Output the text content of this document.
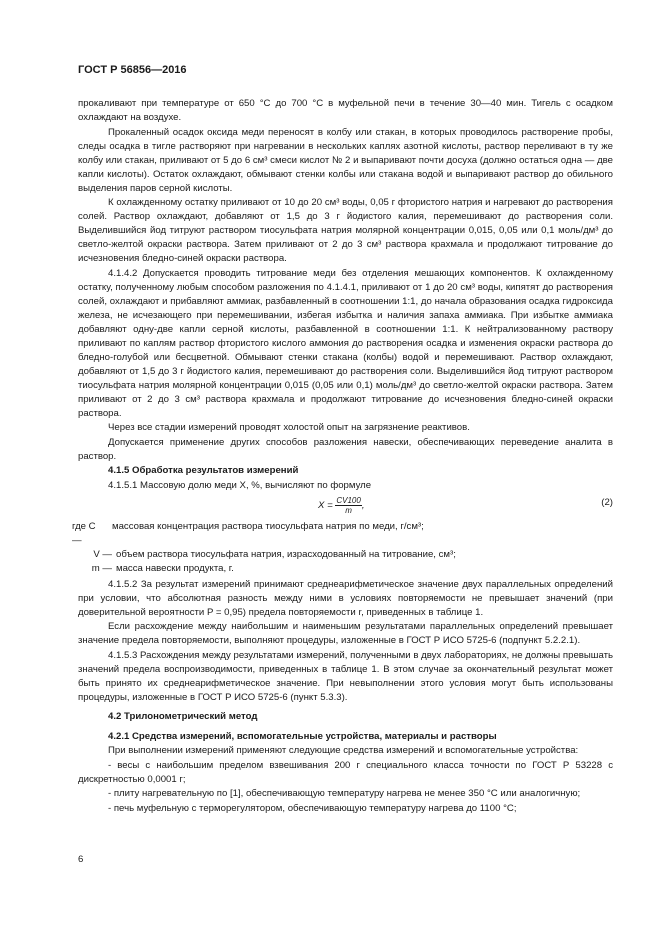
ГОСТ Р 56856—2016

прокаливают при температуре от 650 °С до 700 °С в муфельной печи в течение 30—40 мин. Тигель с осадком охлаждают на воздухе.

Прокаленный осадок оксида меди переносят в колбу или стакан, в которых проводилось растворение пробы, следы осадка в тигле растворяют при нагревании в нескольких каплях азотной кислоты, раствор переливают в ту же колбу или стакан, приливают от 5 до 6 см³ смеси кислот № 2 и выпаривают почти досуха (должно остаться одна — две капли кислоты). Остаток охлаждают, обмывают стенки колбы или стакана водой и выпаривают раствор до обильного выделения паров серной кислоты.

К охлажденному остатку приливают от 10 до 20 см³ воды, 0,05 г фтористого натрия и нагревают до растворения солей. Раствор охлаждают, добавляют от 1,5 до 3 г йодистого калия, перемешивают до растворения соли. Выделившийся йод титруют раствором тиосульфата натрия молярной концентрации 0,015, 0,05 или 0,1 моль/дм³ до светло-желтой окраски раствора. Затем приливают от 2 до 3 см³ раствора крахмала и продолжают титрование до исчезновения бледно-синей окраски раствора.

4.1.4.2 Допускается проводить титрование меди без отделения мешающих компонентов. К охлажденному остатку, полученному любым способом разложения по 4.1.4.1, приливают от 1 до 20 см³ воды, кипятят до растворения солей, охлаждают и прибавляют аммиак, разбавленный в соотношении 1:1, до начала образования осадка гидроксида железа, не исчезающего при перемешивании, избегая избытка и наличия запаха аммиака. При избытке аммиака добавляют одну-две капли серной кислоты, разбавленной в соотношении 1:1. К нейтрализованному раствору приливают по каплям раствор фтористого кислого аммония до растворения осадка и изменения окраски раствора до бледно-голубой или бесцветной. Обмывают стенки стакана (колбы) водой и перемешивают. Раствор охлаждают, добавляют от 1,5 до 3 г йодистого калия, перемешивают до растворения соли. Выделившийся йод титруют раствором тиосульфата натрия молярной концентрации 0,015 (0,05 или 0,1) моль/дм³ до светло-желтой окраски раствора. Затем приливают от 2 до 3 см³ раствора крахмала и продолжают титрование до исчезновения бледно-синей окраски раствора.

Через все стадии измерений проводят холостой опыт на загрязнение реактивов.

Допускается применение других способов разложения навески, обеспечивающих переведение аналита в раствор.

4.1.5 Обработка результатов измерений

4.1.5.1 Массовую долю меди X, %, вычисляют по формуле

$X = \frac{CV100}{m}$ ,	(2)
где C —
массовая концентрация раствора тиосульфата натрия по меди, г/см³;
V — объем раствора тиосульфата натрия, израсходованный на титрование, см³;
m — масса навески продукта, г.

4.1.5.2 За результат измерений принимают среднеарифметическое значение двух параллельных определений при условии, что абсолютная разность между ними в условиях повторяемости не превышает значений (при доверительной вероятности P = 0,95) предела повторяемости r, приведенных в таблице 1.

Если расхождение между наибольшим и наименьшим результатами параллельных определений превышает значение предела повторяемости, выполняют процедуры, изложенные в ГОСТ Р ИСО 5725-6 (подпункт 5.2.2.1).

4.1.5.3 Расхождения между результатами измерений, полученными в двух лабораториях, не должны превышать значений предела воспроизводимости, приведенных в таблице 1. В этом случае за окончательный результат может быть принято их среднеарифметическое значение. При невыполнении этого условия могут быть использованы процедуры, изложенные в ГОСТ Р ИСО 5725-6 (пункт 5.3.3).

4.2 Трилонометрический метод

4.2.1 Средства измерений, вспомогательные устройства, материалы и растворы

При выполнении измерений применяют следующие средства измерений и вспомогательные устройства:

- весы с наибольшим пределом взвешивания 200 г специального класса точности по ГОСТ Р 53228 с дискретностью 0,0001 г;

- плиту нагревательную по [1], обеспечивающую температуру нагрева не менее 350 °С или аналогичную;

- печь муфельную с терморегулятором, обеспечивающую температуру нагрева до 1100 °С;

6
